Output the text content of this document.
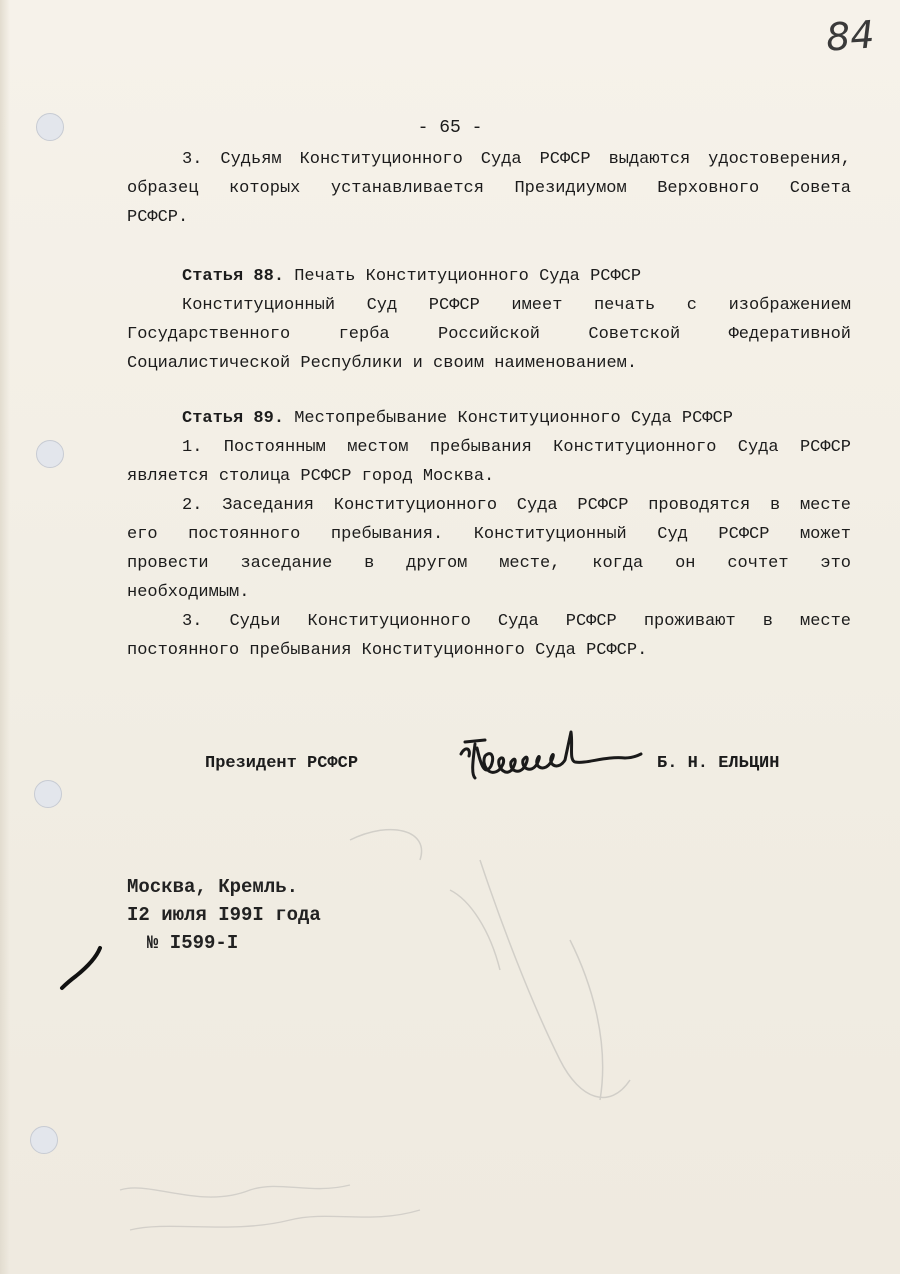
84
- 65 -
3. Судьям Конституционного Суда РСФСР выдаются удостоверения,
образец которых устанавливается Президиумом Верховного Совета
РСФСР.
Статья 88. Печать Конституционного Суда РСФСР
Конституционный Суд РСФСР имеет печать с изображением
Государственного герба Российской Советской Федеративной
Социалистической Республики и своим наименованием.
Статья 89. Местопребывание Конституционного Суда РСФСР
1. Постоянным местом пребывания Конституционного Суда РСФСР
является столица РСФСР город Москва.
2. Заседания Конституционного Суда РСФСР проводятся в месте
его постоянного пребывания. Конституционный Суд РСФСР может
провести заседание в другом месте, когда он сочтет это
необходимым.
3. Судьи Конституционного Суда РСФСР проживают в месте
постоянного пребывания Конституционного Суда РСФСР.
Президент РСФСР	Б. Н. ЕЛЬЦИН
Москва, Кремль.
I2 июля I99I года
№ I599-I
